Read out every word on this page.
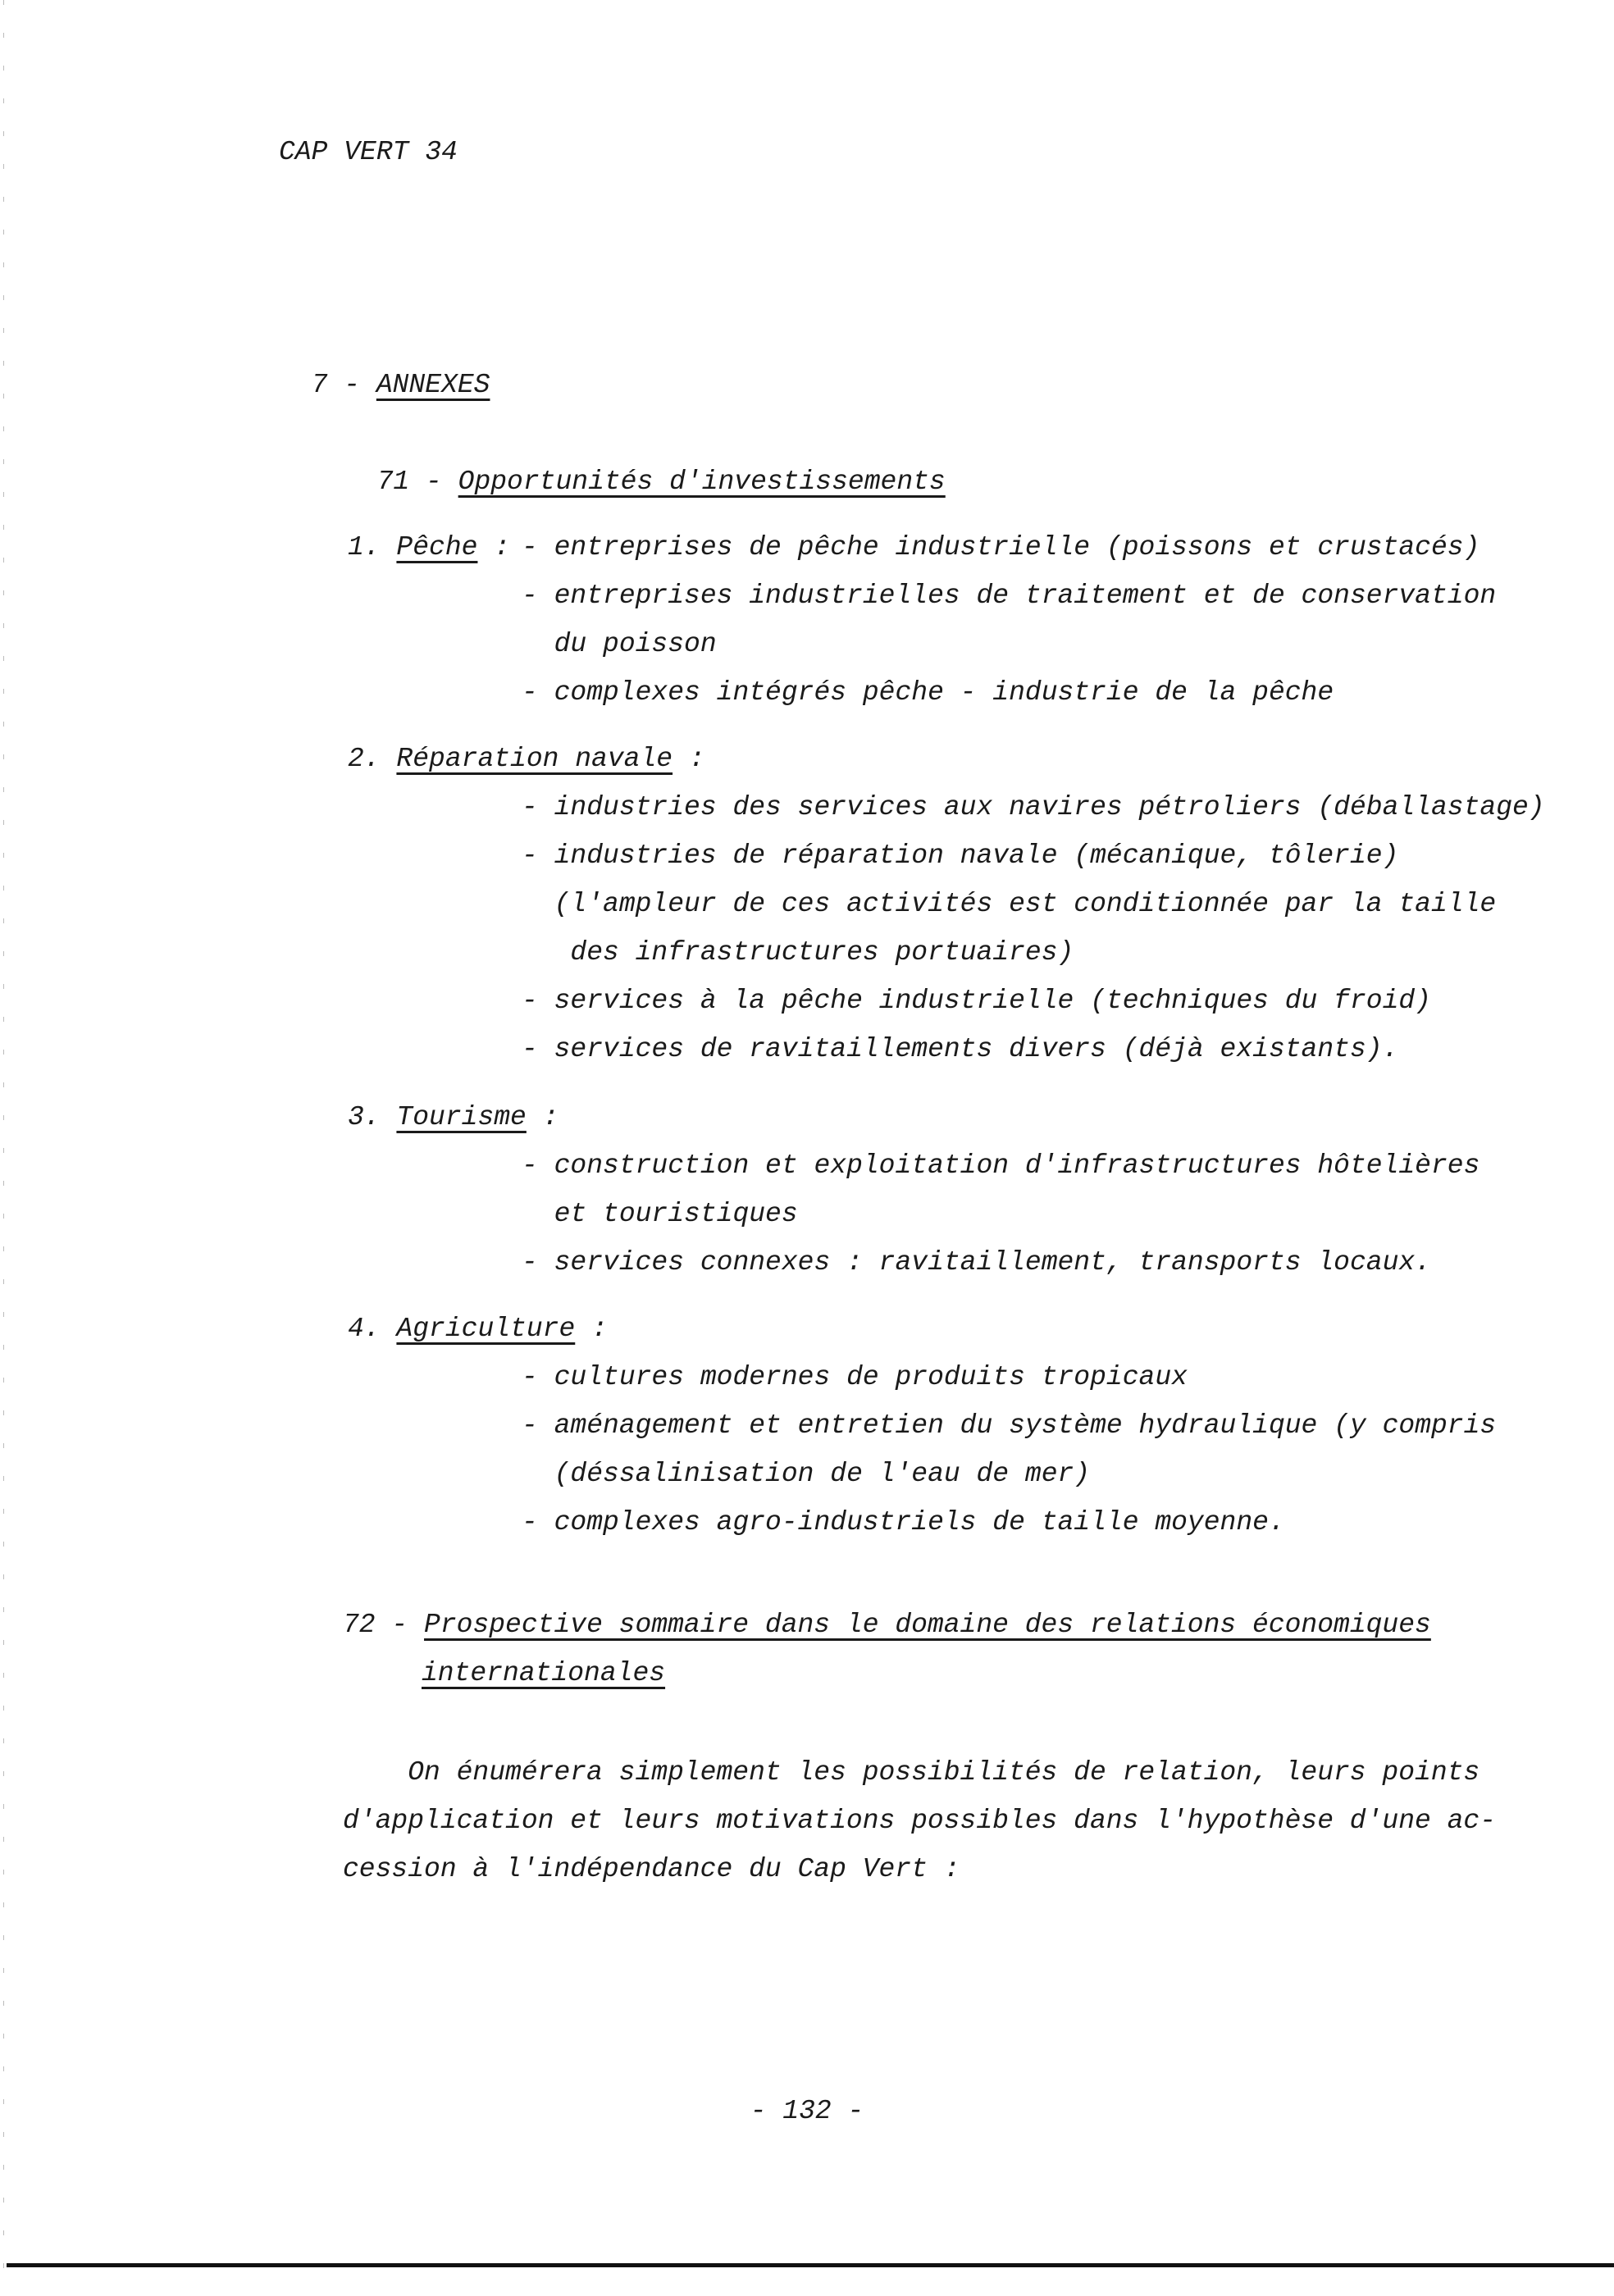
CAP VERT 34

7 - ANNEXES

71 - Opportunités d'investissements

1. Pêche : - entreprises de pêche industrielle (poissons et crustacés)
- entreprises industrielles de traitement et de conservation
du poisson
- complexes intégrés pêche - industrie de la pêche
2. Réparation navale :
- industries des services aux navires pétroliers (déballastage)
- industries de réparation navale (mécanique, tôlerie)
(l'ampleur de ces activités est conditionnée par la taille
des infrastructures portuaires)
- services à la pêche industrielle (techniques du froid)
- services de ravitaillements divers (déjà existants).
3. Tourisme :
- construction et exploitation d'infrastructures hôtelières
et touristiques
- services connexes : ravitaillement, transports locaux.
4. Agriculture :
- cultures modernes de produits tropicaux
- aménagement et entretien du système hydraulique (y compris
(déssalinisation de l'eau de mer)
- complexes agro-industriels de taille moyenne.
72 - Prospective sommaire dans le domaine des relations économiques
internationales
On énumérera simplement les possibilités de relation, leurs points
d'application et leurs motivations possibles dans l'hypothèse d'une ac-
cession à l'indépendance du Cap Vert :
- 132 -
